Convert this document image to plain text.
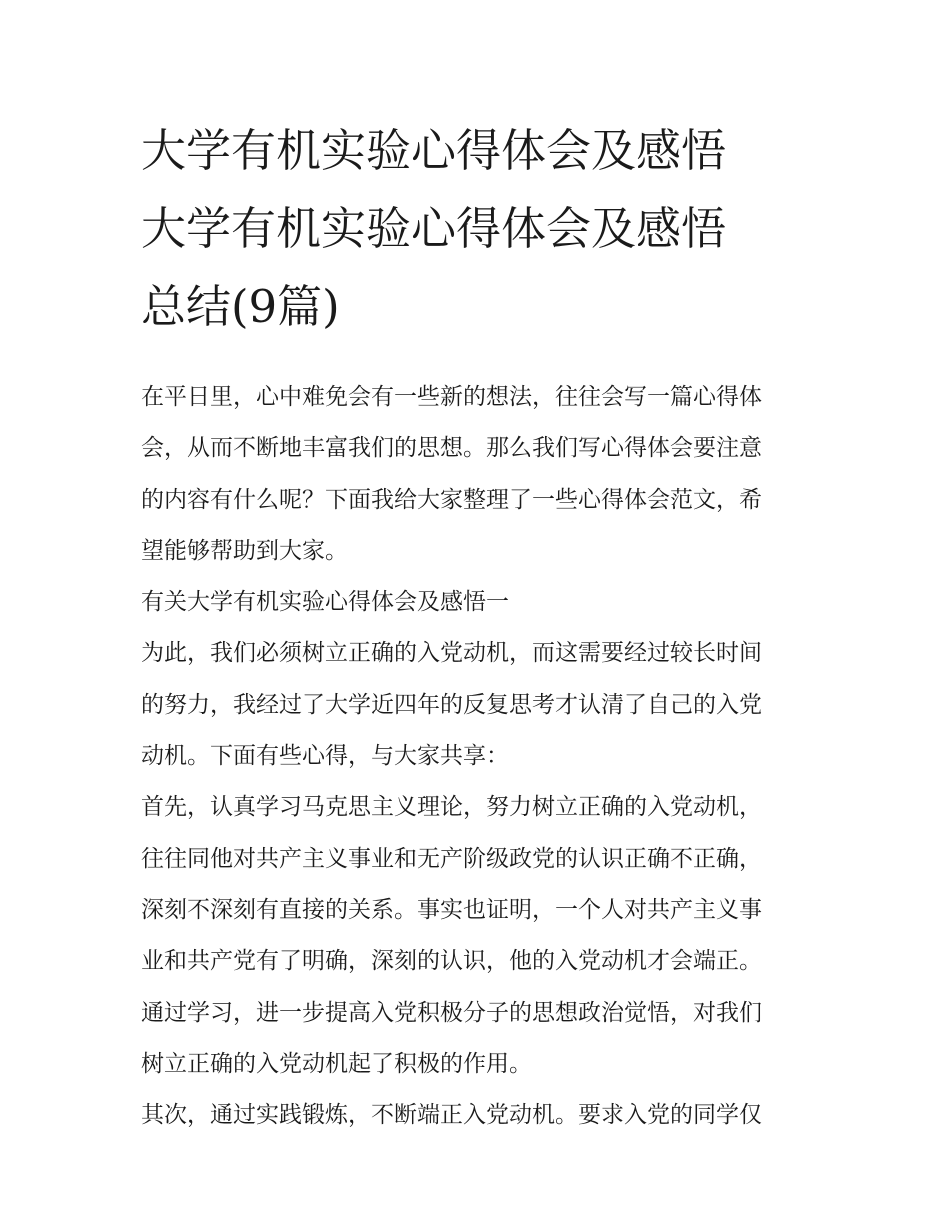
大学有机实验心得体会及感悟
大学有机实验心得体会及感悟
总结(9篇)

在平日里，心中难免会有一些新的想法，往往会写一篇心得体
会，从而不断地丰富我们的思想。那么我们写心得体会要注意
的内容有什么呢？下面我给大家整理了一些心得体会范文，希
望能够帮助到大家。

有关大学有机实验心得体会及感悟一

为此，我们必须树立正确的入党动机，而这需要经过较长时间
的努力，我经过了大学近四年的反复思考才认清了自己的入党
动机。下面有些心得，与大家共享：

首先，认真学习马克思主义理论，努力树立正确的入党动机，
往往同他对共产主义事业和无产阶级政党的认识正确不正确，
深刻不深刻有直接的关系。事实也证明，一个人对共产主义事
业和共产党有了明确，深刻的认识，他的入党动机才会端正。
通过学习，进一步提高入党积极分子的思想政治觉悟，对我们
树立正确的入党动机起了积极的作用。

其次，通过实践锻炼，不断端正入党动机。要求入党的同学仅
